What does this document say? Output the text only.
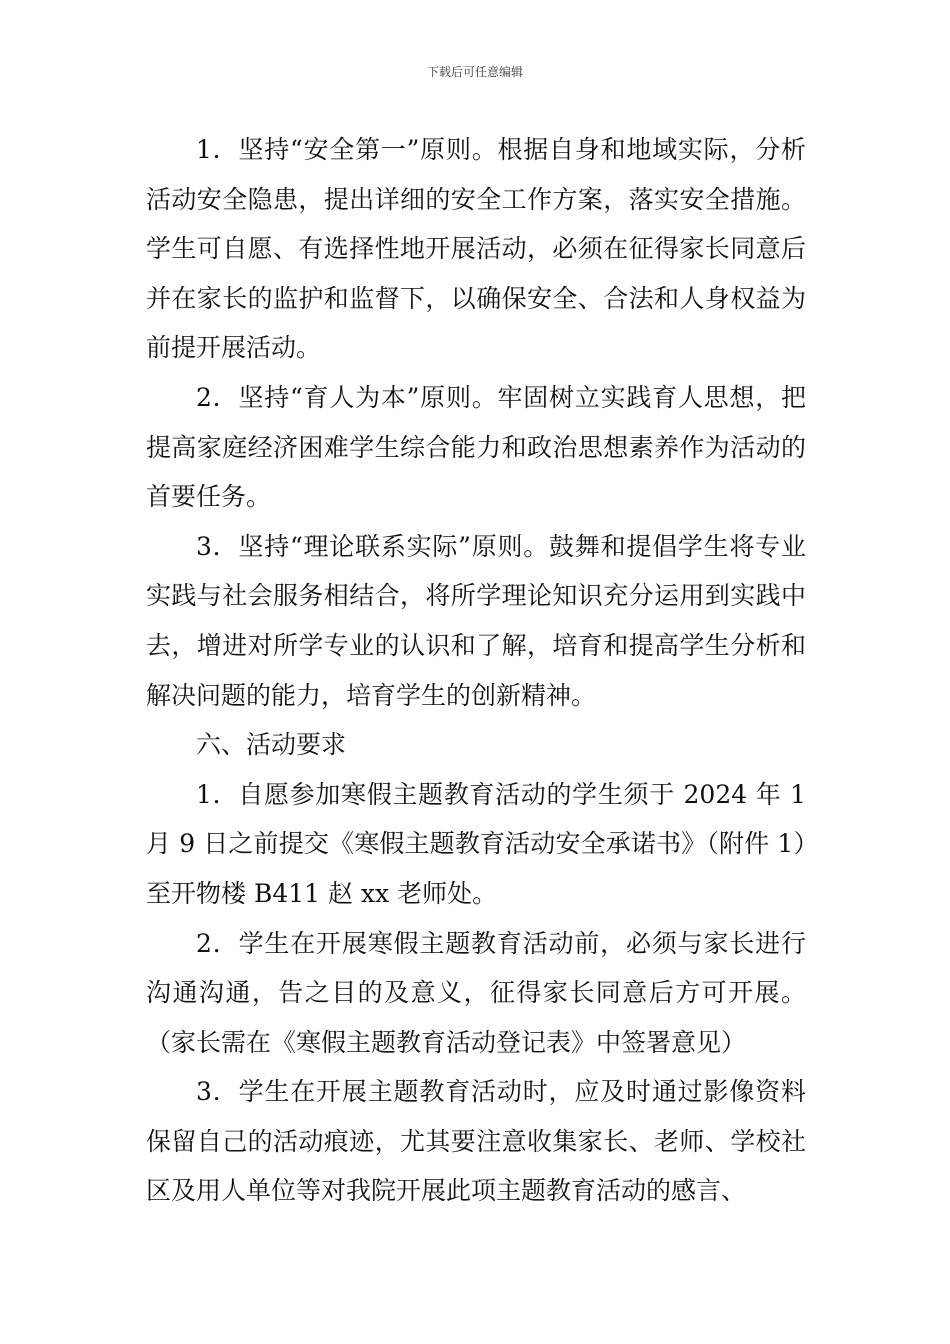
下载后可任意编辑

1．坚持“安全第一”原则。根据自身和地域实际，分析活动安全隐患，提出详细的安全工作方案，落实安全措施。学生可自愿、有选择性地开展活动，必须在征得家长同意后并在家长的监护和监督下，以确保安全、合法和人身权益为前提开展活动。

2．坚持“育人为本”原则。牢固树立实践育人思想，把提高家庭经济困难学生综合能力和政治思想素养作为活动的首要任务。

3．坚持“理论联系实际”原则。鼓舞和提倡学生将专业实践与社会服务相结合，将所学理论知识充分运用到实践中去，增进对所学专业的认识和了解，培育和提高学生分析和解决问题的能力，培育学生的创新精神。

六、活动要求

1．自愿参加寒假主题教育活动的学生须于 2024 年 1 月 9 日之前提交《寒假主题教育活动安全承诺书》（附件 1）至开物楼 B411 赵 xx 老师处。

2．学生在开展寒假主题教育活动前，必须与家长进行沟通沟通，告之目的及意义，征得家长同意后方可开展。（家长需在《寒假主题教育活动登记表》中签署意见）

3．学生在开展主题教育活动时，应及时通过影像资料保留自己的活动痕迹，尤其要注意收集家长、老师、学校社区及用人单位等对我院开展此项主题教育活动的感言、
